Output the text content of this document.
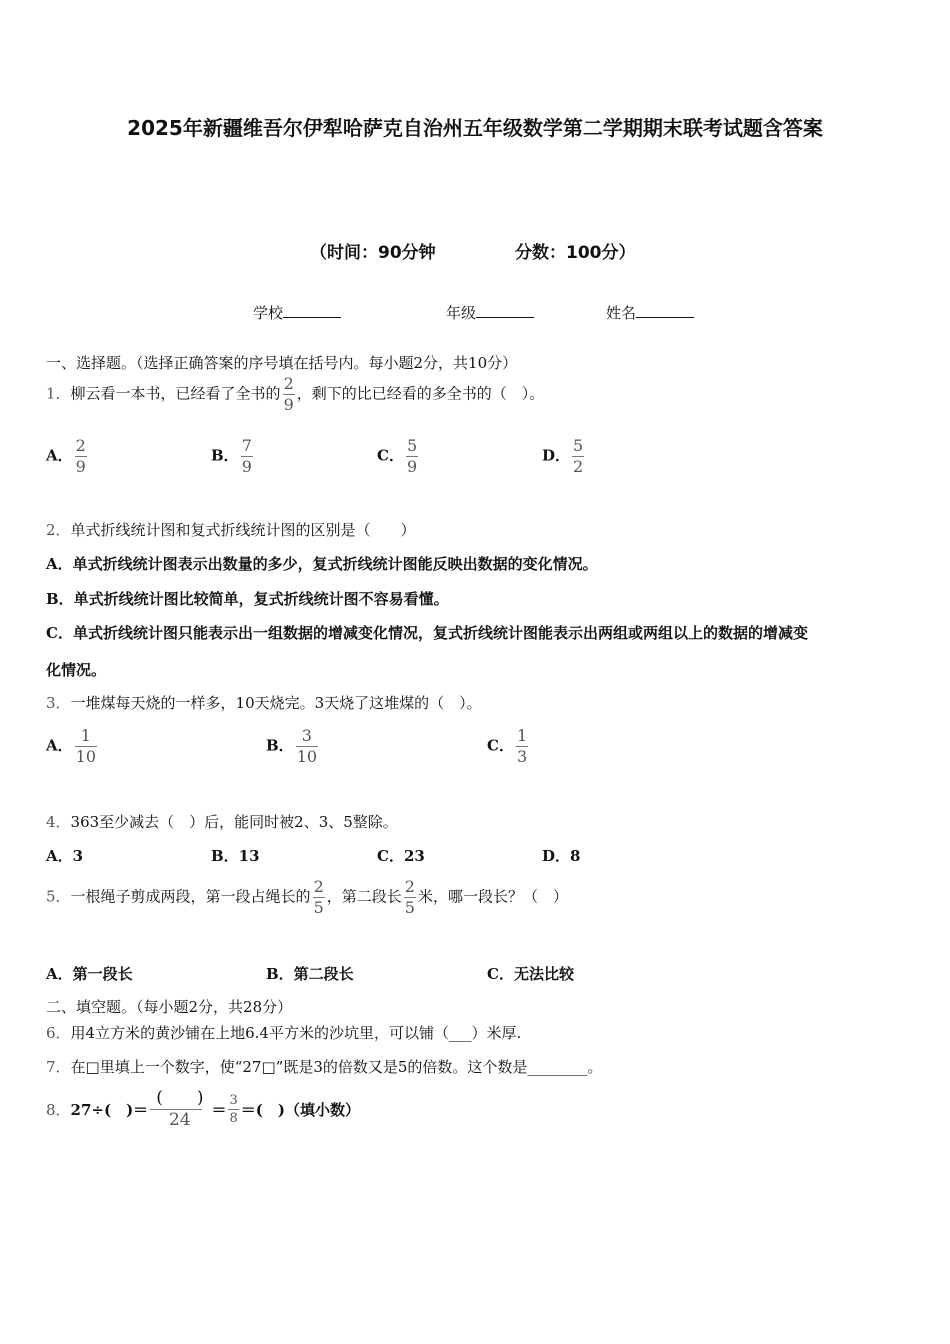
2025年新疆维吾尔伊犁哈萨克自治州五年级数学第二学期期末联考试题含答案
（时间：90分钟	分数：100分）
学校	年级	姓名
一、选择题。（选择正确答案的序号填在括号内。每小题2分，共10分）
1．柳云看一本书，已经看了全书的 $\frac{2}{9}$ ，剩下的比已经看的多全书的（　）。
A． $\frac{2}{9}$	B． $\frac{7}{9}$	C． $\frac{5}{9}$	D． $\frac{5}{2}$
2．单式折线统计图和复式折线统计图的区别是（　　）
A．单式折线统计图表示出数量的多少，复式折线统计图能反映出数据的变化情况。
B．单式折线统计图比较简单，复式折线统计图不容易看懂。
C．单式折线统计图只能表示出一组数据的增减变化情况，复式折线统计图能表示出两组或两组以上的数据的增减变
化情况。
3．一堆煤每天烧的一样多，10天烧完。3天烧了这堆煤的（　）。
A． $\frac{1}{10}$	B． $\frac{3}{10}$	C． $\frac{1}{3}$
4．363至少减去（　）后，能同时被2、3、5整除。
A．3	B．13	C．23	D．8
5．一根绳子剪成两段，第一段占绳长的 $\frac{2}{5}$ ，第二段长 $\frac{2}{5}$ 米，哪一段长？（　）
A．第一段长	B．第二段长	C．无法比较
二、填空题。（每小题2分，共28分）
6．用4立方米的黄沙铺在上地6.4平方米的沙坑里，可以铺（___）米厚.
7．在□里填上一个数字，使“27□”既是3的倍数又是5的倍数。这个数是________。
8．27÷(　)＝ $\frac{( )}{24} = \frac{3}{8}$ ＝(　)（填小数）
